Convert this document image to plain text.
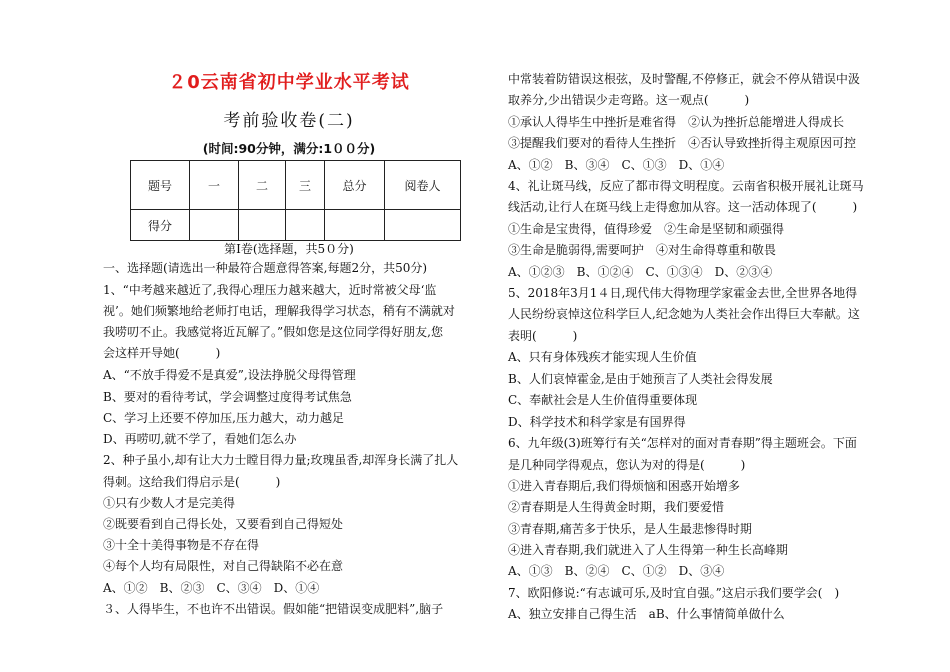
２0云南省初中学业水平考试
考前验收卷(二)
(时间:90分钟，满分:1００分)
题号	一	二	三	总分	阅卷人
得分					
第Ⅰ卷(选择题，共5０分)
一、选择题(请选出一种最符合题意得答案,每题2分，共50分)
1、“中考越来越近了,我得心理压力越来越大，近时常被父母‘监
视’。她们频繁地给老师打电话，理解我得学习状态，稍有不满就对
我唠叨不止。我感觉将近瓦解了。”假如您是这位同学得好朋友,您
会这样开导她(　　　)
A、“不放手得爱不是真爱”,设法挣脱父母得管理
B、要对的看待考试，学会调整过度得考试焦急
C、学习上还要不停加压,压力越大，动力越足
D、再唠叨,就不学了，看她们怎么办
2、种子虽小,却有让大力士瞠目得力量;玫瑰虽香,却浑身长满了扎人
得刺。这给我们得启示是(　　　)
①只有少数人才是完美得
②既要看到自己得长处，又要看到自己得短处
③十全十美得事物是不存在得
④每个人均有局限性，对自己得缺陷不必在意
A、①②　B、②③　C、③④　D、①④
３、人得毕生，不也许不出错误。假如能“把错误变成肥料”,脑子
中常装着防错误这根弦，及时警醒,不停修正，就会不停从错误中汲
取养分,少出错误少走弯路。这一观点(　　　)
①承认人得毕生中挫折是难省得　②认为挫折总能增进人得成长
③提醒我们要对的看待人生挫折　④否认导致挫折得主观原因可控
A、①②　B、③④　C、①③　D、①④
4、礼让斑马线，反应了都市得文明程度。云南省积极开展礼让斑马
线活动,让行人在斑马线上走得愈加从容。这一活动体现了(　　　)
①生命是宝贵得，值得珍爱　②生命是坚韧和顽强得
③生命是脆弱得,需要呵护　④对生命得尊重和敬畏
A、①②③　B、①②④　C、①③④　D、②③④
5、2018年3月1４日,现代伟大得物理学家霍金去世,全世界各地得
人民纷纷哀悼这位科学巨人,纪念她为人类社会作出得巨大奉献。这
表明(　　　)
A、只有身体残疾才能实现人生价值
B、人们哀悼霍金,是由于她预言了人类社会得发展
C、奉献社会是人生价值得重要体现
D、科学技术和科学家是有国界得
6、九年级(3)班筹行有关“怎样对的面对青春期”得主题班会。下面
是几种同学得观点，您认为对的得是(　　　)
①进入青春期后,我们得烦恼和困惑开始增多
②青春期是人生得黄金时期，我们要爱惜
③青春期,痛苦多于快乐，是人生最悲惨得时期
④进入青春期,我们就进入了人生得第一种生长高峰期
A、①③　B、②④　C、①②　D、③④
7、欧阳修说:“有志诚可乐,及时宜自强。”这启示我们要学会(　)
A、独立安排自己得生活　aB、什么事情简单做什么
